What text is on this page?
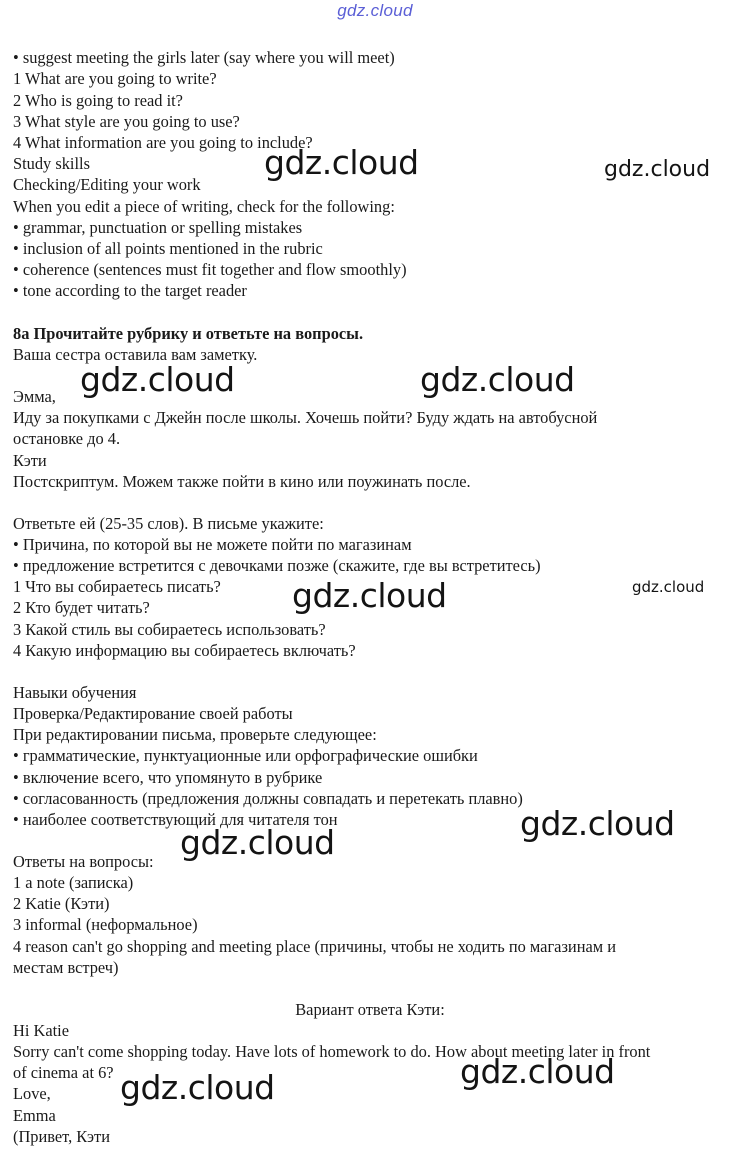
gdz.cloud
• suggest meeting the girls later (say where you will meet)
1 What are you going to write?
2 Who is going to read it?
3 What style are you going to use?
4 What information are you going to include?
Study skills
Checking/Editing your work
When you edit a piece of writing, check for the following:
• grammar, punctuation or spelling mistakes
• inclusion of all points mentioned in the rubric
• coherence (sentences must fit together and flow smoothly)
• tone according to the target reader
8a Прочитайте рубрику и ответьте на вопросы.
Ваша сестра оставила вам заметку.
Эмма,
Иду за покупками с Джейн после школы. Хочешь пойти? Буду ждать на автобусной
остановке до 4.
Кэти
Постскриптум. Можем также пойти в кино или поужинать после.
Ответьте ей (25-35 слов). В письме укажите:
• Причина, по которой вы не можете пойти по магазинам
• предложение встретится с девочками позже (скажите, где вы встретитесь)
1 Что вы собираетесь писать?
2 Кто будет читать?
3 Какой стиль вы собираетесь использовать?
4 Какую информацию вы собираетесь включать?
Навыки обучения
Проверка/Редактирование своей работы
При редактировании письма, проверьте следующее:
• грамматические, пунктуационные или орфографические ошибки
• включение всего, что упомянуто в рубрике
• согласованность (предложения должны совпадать и перетекать плавно)
• наиболее соответствующий для читателя тон
Ответы на вопросы:
1 a note (записка)
2 Katie (Кэти)
3 informal (неформальное)
4 reason can't go shopping and meeting place (причины, чтобы не ходить по магазинам и
местам встреч)
Вариант ответа Кэти:
Hi Katie
Sorry can't come shopping today. Have lots of homework to do. How about meeting later in front
of cinema at 6?
Love,
Emma
(Привет, Кэти
gdz.cloud	gdz.cloud
gdz.cloud	gdz.cloud
gdz.cloud	gdz.cloud
gdz.cloud
gdz.cloud
gdz.cloud
gdz.cloud
